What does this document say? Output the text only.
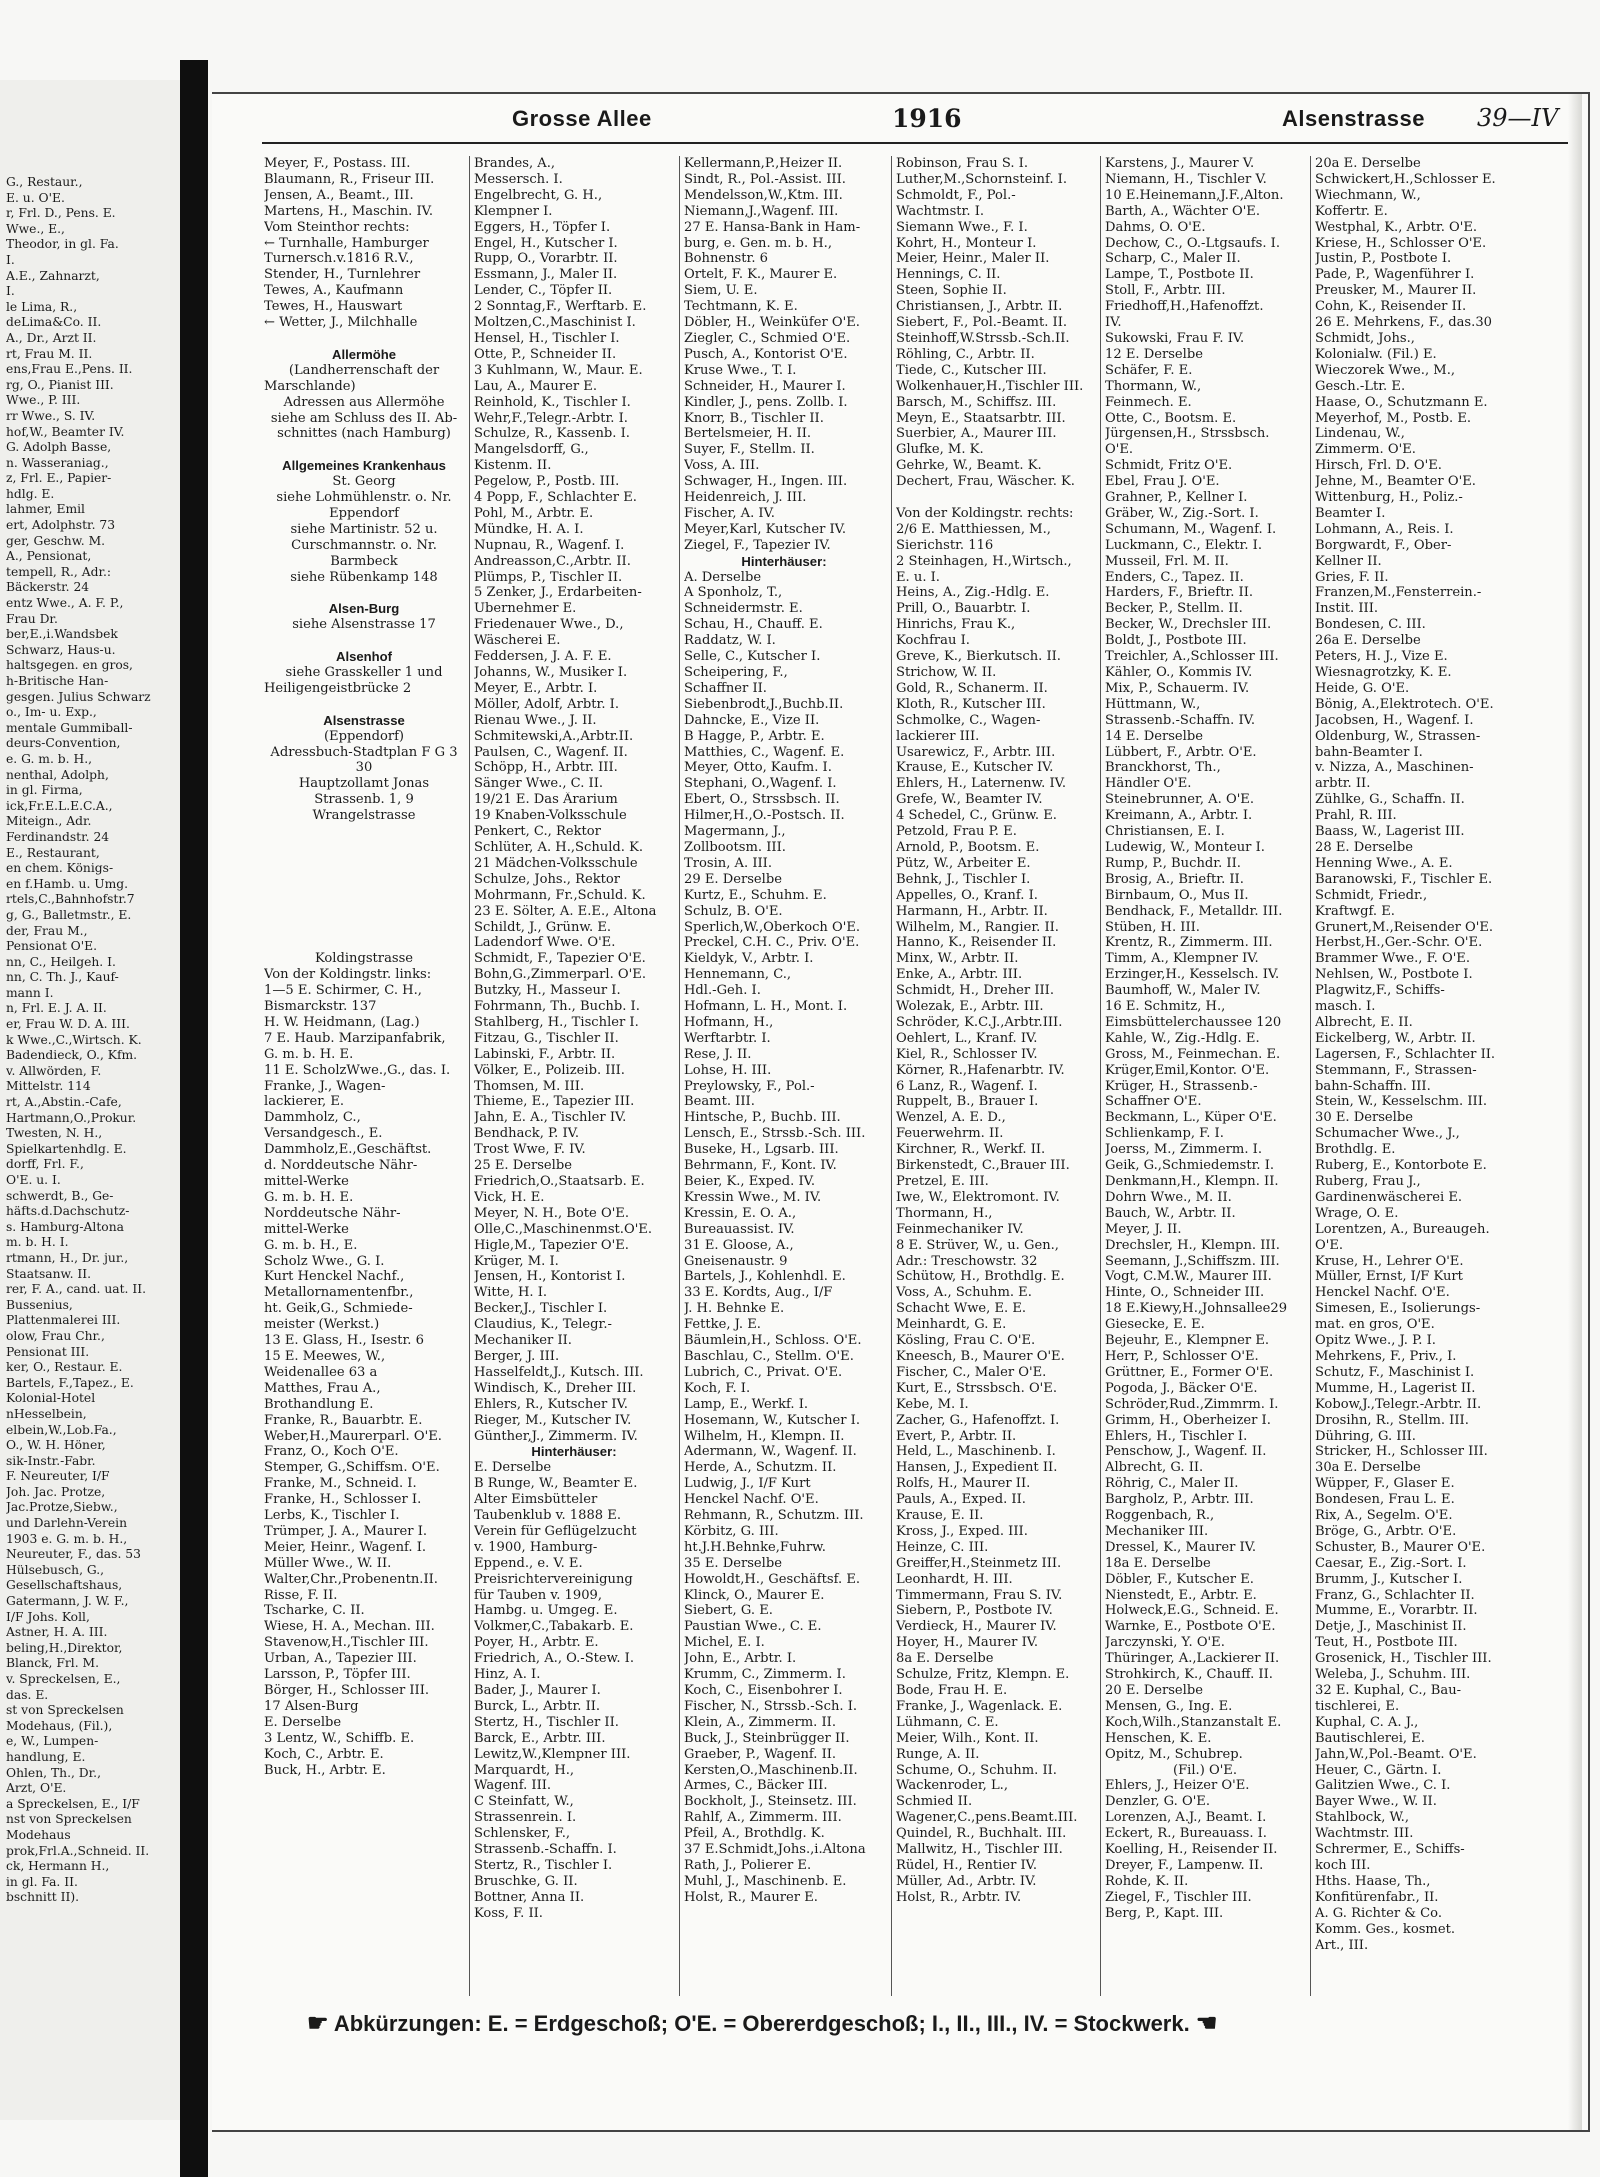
G., Restaur.,
E. u. O'E.
r, Frl. D., Pens. E.
Wwe., E.,
Theodor, in gl. Fa.
I.
A.E., Zahnarzt,
I.
le Lima, R.,
deLima&Co. II.
A., Dr., Arzt II.
rt, Frau M. II.
ens,Frau E.,Pens. II.
rg, O., Pianist III.
Wwe., P. III.
rr Wwe., S. IV.
hof,W., Beamter IV.
G. Adolph Basse,
n. Wasseraniag.,
z, Frl. E., Papier-
hdlg. E.
lahmer, Emil
ert, Adolphstr. 73
ger, Geschw. M.
A., Pensionat,
tempell, R., Adr.:
Bäckerstr. 24
entz Wwe., A. F. P.,
Frau Dr.
ber,E.,i.Wandsbek
Schwarz, Haus-u.
haltsgegen. en gros,
h-Britische Han-
gesgen. Julius Schwarz
o., Im- u. Exp.,
mentale Gummiball-
deurs-Convention,
e. G. m. b. H.,
nenthal, Adolph,
in gl. Firma,
ick,Fr.E.L.E.C.A.,
Miteign., Adr.
Ferdinandstr. 24
E., Restaurant,
en chem. Königs-
en f.Hamb. u. Umg.
rtels,C.,Bahnhofstr.7
g, G., Balletmstr., E.
der, Frau M.,
Pensionat O'E.
nn, C., Heilgeh. I.
nn, C. Th. J., Kauf-
mann I.
n, Frl. E. J. A. II.
er, Frau W. D. A. III.
k Wwe.,C.,Wirtsch. K.
Badendieck, O., Kfm.
v. Allwörden, F.
Mittelstr. 114
rt, A.,Abstin.-Cafe,
Hartmann,O.,Prokur.
Twesten, N. H.,
Spielkartenhdlg. E.
dorff, Frl. F.,
O'E. u. I.
schwerdt, B., Ge-
häfts.d.Dachschutz-
s. Hamburg-Altona
m. b. H. I.
rtmann, H., Dr. jur.,
Staatsanw. II.
rer, F. A., cand. uat. II.
Bussenius,
Plattenmalerei III.
olow, Frau Chr.,
Pensionat III.
ker, O., Restaur. E.
Bartels, F.,Tapez., E.
Kolonial-Hotel
nHesselbein,
elbein,W.,Lob.Fa.,
O., W. H. Höner,
sik-Instr.-Fabr.
F. Neureuter, I/F
Joh. Jac. Protze,
Jac.Protze,Siebw.,
und Darlehn-Verein
1903 e. G. m. b. H.,
Neureuter, F., das. 53
Hülsebusch, G.,
Gesellschaftshaus,
Gatermann, J. W. F.,
I/F Johs. Koll,
Astner, H. A. III.
beling,H.,Direktor,
Blanck, Frl. M.
v. Spreckelsen, E.,
das. E.
st von Spreckelsen
Modehaus, (Fil.),
e, W., Lumpen-
handlung, E.
Ohlen, Th., Dr.,
Arzt, O'E.
a Spreckelsen, E., I/F
nst von Spreckelsen
Modehaus
prok,Frl.A.,Schneid. II.
ck, Hermann H.,
in gl. Fa. II.
bschnitt II).
Grosse Allee	1916	Alsenstrasse 39—IV
Meyer, F., Postass. III.
Blaumann, R., Friseur III.
Jensen, A., Beamt., III.
Martens, H., Maschin. IV.
Vom Steinthor rechts:
← Turnhalle, Hamburger
Turnersch.v.1816 R.V.,
Stender, H., Turnlehrer
Tewes, A., Kaufmann
Tewes, H., Hauswart
← Wetter, J., Milchhalle

Allermöhe
(Landherrenschaft der
Marschlande)
Adressen aus Allermöhe
siehe am Schluss des II. Ab-
schnittes (nach Hamburg)

Allgemeines Krankenhaus
St. Georg
siehe Lohmühlenstr. o. Nr.
Eppendorf
siehe Martinistr. 52 u.
Curschmannstr. o. Nr.
Barmbeck
siehe Rübenkamp 148

Alsen-Burg
siehe Alsenstrasse 17

Alsenhof
siehe Grasskeller 1 und
Heiligengeistbrücke 2

Alsenstrasse
(Eppendorf)
Adressbuch-Stadtplan F G 3
30
Hauptzollamt Jonas
Strassenb. 1, 9
Wrangelstrasse

Koldingstrasse
Von der Koldingstr. links:
1—5 E. Schirmer, C. H.,
Bismarckstr. 137
H. W. Heidmann, (Lag.)
7 E. Haub. Marzipanfabrik,
G. m. b. H. E.
11 E. ScholzWwe.,G., das. I.
Franke, J., Wagen-
lackierer, E.
Dammholz, C.,
Versandgesch., E.
Dammholz,E.,Geschäftst.
d. Norddeutsche Nähr-
mittel-Werke
G. m. b. H. E.
Norddeutsche Nähr-
mittel-Werke
G. m. b. H., E.
Scholz Wwe., G. I.
Kurt Henckel Nachf.,
Metallornamentenfbr.,
ht. Geik,G., Schmiede-
meister (Werkst.)
13 E. Glass, H., Isestr. 6
15 E. Meewes, W.,
Weidenallee 63 a
Matthes, Frau A.,
Brothandlung E.
Franke, R., Bauarbtr. E.
Weber,H.,Maurerparl. O'E.
Franz, O., Koch O'E.
Stemper, G.,Schiffsm. O'E.
Franke, M., Schneid. I.
Franke, H., Schlosser I.
Lerbs, K., Tischler I.
Trümper, J. A., Maurer I.
Meier, Heinr., Wagenf. I.
Müller Wwe., W. II.
Walter,Chr.,Probenentn.II.
Risse, F. II.
Tscharke, C. II.
Wiese, H. A., Mechan. III.
Stavenow,H.,Tischler III.
Urban, A., Tapezier III.
Larsson, P., Töpfer III.
Börger, H., Schlosser III.
17 Alsen-Burg
E. Derselbe
3 Lentz, W., Schiffb. E.
Koch, C., Arbtr. E.
Buck, H., Arbtr. E.
Brandes, A.,
Messersch. I.
Engelbrecht, G. H.,
Klempner I.
Eggers, H., Töpfer I.
Engel, H., Kutscher I.
Rupp, O., Vorarbtr. II.
Essmann, J., Maler II.
Lender, C., Töpfer II.
2 Sonntag,F., Werftarb. E.
Moltzen,C.,Maschinist I.
Hensel, H., Tischler I.
Otte, P., Schneider II.
3 Kuhlmann, W., Maur. E.
Lau, A., Maurer E.
Reinhold, K., Tischler I.
Wehr,F.,Telegr.-Arbtr. I.
Schulze, R., Kassenb. I.
Mangelsdorff, G.,
Kistenm. II.
Pegelow, P., Postb. III.
4 Popp, F., Schlachter E.
Pohl, M., Arbtr. E.
Mündke, H. A. I.
Nupnau, R., Wagenf. I.
Andreasson,C.,Arbtr. II.
Plümps, P., Tischler II.
5 Zenker, J., Erdarbeiten-
Übernehmer E.
Friedenauer Wwe., D.,
Wäscherei E.
Feddersen, J. A. F. E.
Johanns, W., Musiker I.
Meyer, E., Arbtr. I.
Möller, Adolf, Arbtr. I.
Rienau Wwe., J. II.
Schmitewski,A.,Arbtr.II.
Paulsen, C., Wagenf. II.
Schöpp, H., Arbtr. III.
Sänger Wwe., C. II.
19/21 E. Das Ärarium
19 Knaben-Volksschule
Penkert, C., Rektor
Schlüter, A. H.,Schuld. K.
21 Mädchen-Volksschule
Schulze, Johs., Rektor
Mohrmann, Fr.,Schuld. K.
23 E. Sölter, A. E.E., Altona
Schildt, J., Grünw. E.
Ladendorf Wwe. O'E.
Schmidt, F., Tapezier O'E.
Bohn,G.,Zimmerparl. O'E.
Butzky, H., Masseur I.
Fohrmann, Th., Buchb. I.
Stahlberg, H., Tischler I.
Fitzau, G., Tischler II.
Labinski, F., Arbtr. II.
Völker, E., Polizeib. III.
Thomsen, M. III.
Thieme, E., Tapezier III.
Jahn, E. A., Tischler IV.
Bendhack, P. IV.
Trost Wwe, F. IV.
25 E. Derselbe
Friedrich,O.,Staatsarb. E.
Vick, H. E.
Meyer, N. H., Bote O'E.
Olle,C.,Maschinenmst.O'E.
Higle,M., Tapezier O'E.
Krüger, M. I.
Jensen, H., Kontorist I.
Witte, H. I.
Becker,J., Tischler I.
Claudius, K., Telegr.-
Mechaniker II.
Berger, J. III.
Hasselfeldt,J., Kutsch. III.
Windisch, K., Dreher III.
Ehlers, R., Kutscher IV.
Rieger, M., Kutscher IV.
Günther,J., Zimmerm. IV.
Hinterhäuser:
E. Derselbe
B Runge, W., Beamter E.
Alter Eimsbütteler
Taubenklub v. 1888 E.
Verein für Geflügelzucht
v. 1900, Hamburg-
Eppend., e. V. E.
Preisrichtervereinigung
für Tauben v. 1909,
Hambg. u. Umgeg. E.
Volkmer,C.,Tabakarb. E.
Poyer, H., Arbtr. E.
Friedrich, A., O.-Stew. I.
Hinz, A. I.
Bader, J., Maurer I.
Burck, L., Arbtr. II.
Stertz, H., Tischler II.
Barck, E., Arbtr. III.
Lewitz,W.,Klempner III.
Marquardt, H.,
Wagenf. III.
C Steinfatt, W.,
Strassenrein. I.
Schlensker, F.,
Strassenb.-Schaffn. I.
Stertz, R., Tischler I.
Bruschke, G. II.
Bottner, Anna II.
Koss, F. II.
Kellermann,P.,Heizer II.
Sindt, R., Pol.-Assist. III.
Mendelsson,W.,Ktm. III.
Niemann,J.,Wagenf. III.
27 E. Hansa-Bank in Ham-
burg, e. Gen. m. b. H.,
Bohnenstr. 6
Ortelt, F. K., Maurer E.
Siem, U. E.
Techtmann, K. E.
Döbler, H., Weinküfer O'E.
Ziegler, C., Schmied O'E.
Pusch, A., Kontorist O'E.
Kruse Wwe., T. I.
Schneider, H., Maurer I.
Kindler, J., pens. Zollb. I.
Knorr, B., Tischler II.
Bertelsmeier, H. II.
Suyer, F., Stellm. II.
Voss, A. III.
Schwager, H., Ingen. III.
Heidenreich, J. III.
Fischer, A. IV.
Meyer,Karl, Kutscher IV.
Ziegel, F., Tapezier IV.
Hinterhäuser:
A. Derselbe
A Sponholz, T.,
Schneidermstr. E.
Schau, H., Chauff. E.
Raddatz, W. I.
Selle, C., Kutscher I.
Scheipering, F.,
Schaffner II.
Siebenbrodt,J.,Buchb.II.
Dahncke, E., Vize II.
B Hagge, P., Arbtr. E.
Matthies, C., Wagenf. E.
Meyer, Otto, Kaufm. I.
Stephani, O.,Wagenf. I.
Ebert, O., Strssbsch. II.
Hilmer,H.,O.-Postsch. II.
Magermann, J.,
Zollbootsm. III.
Trosin, A. III.
29 E. Derselbe
Kurtz, E., Schuhm. E.
Schulz, B. O'E.
Sperlich,W.,Oberkoch O'E.
Preckel, C.H. C., Priv. O'E.
Kieldyk, V., Arbtr. I.
Hennemann, C.,
Hdl.-Geh. I.
Hofmann, L. H., Mont. I.
Hofmann, H.,
Werftarbtr. I.
Rese, J. II.
Lohse, H. III.
Preylowsky, F., Pol.-
Beamt. III.
Hintsche, P., Buchb. III.
Lensch, E., Strssb.-Sch. III.
Buseke, H., Lgsarb. III.
Behrmann, F., Kont. IV.
Beier, K., Exped. IV.
Kressin Wwe., M. IV.
Kressin, E. O. A.,
Bureauassist. IV.
31 E. Gloose, A.,
Gneisenaustr. 9
Bartels, J., Kohlenhdl. E.
33 E. Kordts, Aug., I/F
J. H. Behnke E.
Fettke, J. E.
Bäumlein,H., Schloss. O'E.
Baschlau, C., Stellm. O'E.
Lubrich, C., Privat. O'E.
Koch, F. I.
Lamp, E., Werkf. I.
Hosemann, W., Kutscher I.
Wilhelm, H., Klempn. II.
Adermann, W., Wagenf. II.
Herde, A., Schutzm. II.
Ludwig, J., I/F Kurt
Henckel Nachf. O'E.
Rehmann, R., Schutzm. III.
Körbitz, G. III.
ht.J.H.Behnke,Fuhrw.
35 E. Derselbe
Howoldt,H., Geschäftsf. E.
Klinck, O., Maurer E.
Siebert, G. E.
Paustian Wwe., C. E.
Michel, E. I.
John, E., Arbtr. I.
Krumm, C., Zimmerm. I.
Koch, C., Eisenbohrer I.
Fischer, N., Strssb.-Sch. I.
Klein, A., Zimmerm. II.
Buck, J., Steinbrügger II.
Graeber, P., Wagenf. II.
Kersten,O.,Maschinenb.II.
Armes, C., Bäcker III.
Bockholt, J., Steinsetz. III.
Rahlf, A., Zimmerm. III.
Pfeil, A., Brothdlg. K.
37 E.Schmidt,Johs.,i.Altona
Rath, J., Polierer E.
Muhl, J., Maschinenb. E.
Holst, R., Maurer E.
Robinson, Frau S. I.
Luther,M.,Schornsteinf. I.
Schmoldt, F., Pol.-
Wachtmstr. I.
Siemann Wwe., F. I.
Kohrt, H., Monteur I.
Meier, Heinr., Maler II.
Hennings, C. II.
Steen, Sophie II.
Christiansen, J., Arbtr. II.
Siebert, F., Pol.-Beamt. II.
Steinhoff,W.Strssb.-Sch.II.
Röhling, C., Arbtr. II.
Tiede, C., Kutscher III.
Wolkenhauer,H.,Tischler III.
Barsch, M., Schiffsz. III.
Meyn, E., Staatsarbtr. III.
Suerbier, A., Maurer III.
Glufke, M. K.
Gehrke, W., Beamt. K.
Dechert, Frau, Wäscher. K.

Von der Koldingstr. rechts:
2/6 E. Matthiessen, M.,
Sierichstr. 116
2 Steinhagen, H.,Wirtsch.,
E. u. I.
Heins, A., Zig.-Hdlg. E.
Prill, O., Bauarbtr. I.
Hinrichs, Frau K.,
Kochfrau I.
Greve, K., Bierkutsch. II.
Strichow, W. II.
Gold, R., Schanerm. II.
Kloth, R., Kutscher III.
Schmolke, C., Wagen-
lackierer III.
Usarewicz, F., Arbtr. III.
Krause, E., Kutscher IV.
Ehlers, H., Laternenw. IV.
Grefe, W., Beamter IV.
4 Schedel, C., Grünw. E.
Petzold, Frau P. E.
Arnold, P., Bootsm. E.
Pütz, W., Arbeiter E.
Behnk, J., Tischler I.
Appelles, O., Kranf. I.
Harmann, H., Arbtr. II.
Wilhelm, M., Rangier. II.
Hanno, K., Reisender II.
Minx, W., Arbtr. II.
Enke, A., Arbtr. III.
Schmidt, H., Dreher III.
Wolezak, E., Arbtr. III.
Schröder, K.C.J.,Arbtr.III.
Oehlert, L., Kranf. IV.
Kiel, R., Schlosser IV.
Körner, R.,Hafenarbtr. IV.
6 Lanz, R., Wagenf. I.
Ruppelt, B., Brauer I.
Wenzel, A. E. D.,
Feuerwehrm. II.
Kirchner, R., Werkf. II.
Birkenstedt, C.,Brauer III.
Pretzel, E. III.
Iwe, W., Elektromont. IV.
Thormann, H.,
Feinmechaniker IV.
8 E. Strüver, W., u. Gen.,
Adr.: Treschowstr. 32
Schütow, H., Brothdlg. E.
Voss, A., Schuhm. E.
Schacht Wwe, E. E.
Meinhardt, G. E.
Kösling, Frau C. O'E.
Kneesch, B., Maurer O'E.
Fischer, C., Maler O'E.
Kurt, E., Strssbsch. O'E.
Kebe, M. I.
Zacher, G., Hafenoffzt. I.
Evert, P., Arbtr. II.
Held, L., Maschinenb. I.
Hansen, J., Expedient II.
Rolfs, H., Maurer II.
Pauls, A., Exped. II.
Krause, E. II.
Kross, J., Exped. III.
Heinze, C. III.
Greiffer,H.,Steinmetz III.
Leonhardt, H. III.
Timmermann, Frau S. IV.
Siebern, P., Postbote IV.
Verdieck, H., Maurer IV.
Hoyer, H., Maurer IV.
8a E. Derselbe
Schulze, Fritz, Klempn. E.
Bode, Frau H. E.
Franke, J., Wagenlack. E.
Lühmann, C. E.
Meier, Wilh., Kont. II.
Runge, A. II.
Schume, O., Schuhm. II.
Wackenroder, L.,
Schmied II.
Wagener,C.,pens.Beamt.III.
Quindel, R., Buchhalt. III.
Mallwitz, H., Tischler III.
Rüdel, H., Rentier IV.
Müller, Ad., Arbtr. IV.
Holst, R., Arbtr. IV.
Karstens, J., Maurer V.
Niemann, H., Tischler V.
10 E.Heinemann,J.F.,Alton.
Barth, A., Wächter O'E.
Dahms, O. O'E.
Dechow, C., O.-Ltgsaufs. I.
Scharp, C., Maler II.
Lampe, T., Postbote II.
Stoll, F., Arbtr. III.
Friedhoff,H.,Hafenoffzt.
IV.
Sukowski, Frau F. IV.
12 E. Derselbe
Schäfer, F. E.
Thormann, W.,
Feinmech. E.
Otte, C., Bootsm. E.
Jürgensen,H., Strssbsch.
O'E.
Schmidt, Fritz O'E.
Ebel, Frau J. O'E.
Grahner, P., Kellner I.
Gräber, W., Zig.-Sort. I.
Schumann, M., Wagenf. I.
Luckmann, C., Elektr. I.
Musseil, Frl. M. II.
Enders, C., Tapez. II.
Harders, F., Brieftr. II.
Becker, P., Stellm. II.
Becker, W., Drechsler III.
Boldt, J., Postbote III.
Treichler, A.,Schlosser III.
Kähler, O., Kommis IV.
Mix, P., Schauerm. IV.
Hüttmann, W.,
Strassenb.-Schaffn. IV.
14 E. Derselbe
Lübbert, F., Arbtr. O'E.
Branckhorst, Th.,
Händler O'E.
Steinebrunner, A. O'E.
Kreimann, A., Arbtr. I.
Christiansen, E. I.
Ludewig, W., Monteur I.
Rump, P., Buchdr. II.
Brosig, A., Brieftr. II.
Birnbaum, O., Mus II.
Bendhack, F., Metalldr. III.
Stüben, H. III.
Krentz, R., Zimmerm. III.
Timm, A., Klempner IV.
Erzinger,H., Kesselsch. IV.
Baumhoff, W., Maler IV.
16 E. Schmitz, H.,
Eimsbüttelerchaussee 120
Kahle, W., Zig.-Hdlg. E.
Gross, M., Feinmechan. E.
Krüger,Emil,Kontor. O'E.
Krüger, H., Strassenb.-
Schaffner O'E.
Beckmann, L., Küper O'E.
Schlienkamp, F. I.
Joerss, M., Zimmerm. I.
Geik, G.,Schmiedemstr. I.
Denkmann,H., Klempn. II.
Dohrn Wwe., M. II.
Bauch, W., Arbtr. II.
Meyer, J. II.
Drechsler, H., Klempn. III.
Seemann, J.,Schiffszm. III.
Vogt, C.M.W., Maurer III.
Hinte, O., Schneider III.
18 E.Kiewy,H.,Johnsallee29
Giesecke, E. E.
Bejeuhr, E., Klempner E.
Herr, P., Schlosser O'E.
Grüttner, E., Former O'E.
Pogoda, J., Bäcker O'E.
Schröder,Rud.,Zimmrm. I.
Grimm, H., Oberheizer I.
Ehlers, H., Tischler I.
Penschow, J., Wagenf. II.
Albrecht, G. II.
Röhrig, C., Maler II.
Bargholz, P., Arbtr. III.
Roggenbach, R.,
Mechaniker III.
Dressel, K., Maurer IV.
18a E. Derselbe
Döbler, F., Kutscher E.
Nienstedt, E., Arbtr. E.
Holweck,E.G., Schneid. E.
Warnke, E., Postbote O'E.
Jarczynski, Y. O'E.
Thüringer, A.,Lackierer II.
Strohkirch, K., Chauff. II.
20 E. Derselbe
Mensen, G., Ing. E.
Koch,Wilh.,Stanzanstalt E.
Henschen, K. E.
Opitz, M., Schubrep.
(Fil.) O'E.
Ehlers, J., Heizer O'E.
Denzler, G. O'E.
Lorenzen, A.J., Beamt. I.
Eckert, R., Bureauass. I.
Koelling, H., Reisender II.
Dreyer, F., Lampenw. II.
Rohde, K. II.
Ziegel, F., Tischler III.
Berg, P., Kapt. III.
20a E. Derselbe
Schwickert,H.,Schlosser E.
Wiechmann, W.,
Koffertr. E.
Westphal, K., Arbtr. O'E.
Kriese, H., Schlosser O'E.
Justin, P., Postbote I.
Pade, P., Wagenführer I.
Preusker, M., Maurer II.
Cohn, K., Reisender II.
26 E. Mehrkens, F., das.30
Schmidt, Johs.,
Kolonialw. (Fil.) E.
Wieczorek Wwe., M.,
Gesch.-Ltr. E.
Haase, O., Schutzmann E.
Meyerhof, M., Postb. E.
Lindenau, W.,
Zimmerm. O'E.
Hirsch, Frl. D. O'E.
Jehne, M., Beamter O'E.
Wittenburg, H., Poliz.-
Beamter I.
Lohmann, A., Reis. I.
Borgwardt, F., Ober-
Kellner II.
Gries, F. II.
Franzen,M.,Fensterrein.-
Instit. III.
Bondesen, C. III.
26a E. Derselbe
Peters, H. J., Vize E.
Wiesnagrotzky, K. E.
Heide, G. O'E.
Bönig, A.,Elektrotech. O'E.
Jacobsen, H., Wagenf. I.
Oldenburg, W., Strassen-
bahn-Beamter I.
v. Nizza, A., Maschinen-
arbtr. II.
Zühlke, G., Schaffn. II.
Prahl, R. III.
Baass, W., Lagerist III.
28 E. Derselbe
Henning Wwe., A. E.
Baranowski, F., Tischler E.
Schmidt, Friedr.,
Kraftwgf. E.
Grunert,M.,Reisender O'E.
Herbst,H.,Ger.-Schr. O'E.
Brammer Wwe., F. O'E.
Nehlsen, W., Postbote I.
Plagwitz,F., Schiffs-
masch. I.
Albrecht, E. II.
Eickelberg, W., Arbtr. II.
Lagersen, F., Schlachter II.
Stemmann, F., Strassen-
bahn-Schaffn. III.
Stein, W., Kesselschm. III.
30 E. Derselbe
Schumacher Wwe., J.,
Brothdlg. E.
Ruberg, E., Kontorbote E.
Ruberg, Frau J.,
Gardinenwäscherei E.
Wrage, O. E.
Lorentzen, A., Bureaugeh.
O'E.
Kruse, H., Lehrer O'E.
Müller, Ernst, I/F Kurt
Henckel Nachf. O'E.
Simesen, E., Isolierungs-
mat. en gros, O'E.
Opitz Wwe., J. P. I.
Mehrkens, F., Priv., I.
Schutz, F., Maschinist I.
Mumme, H., Lagerist II.
Kobow,J.,Telegr.-Arbtr. II.
Drosihn, R., Stellm. III.
Dühring, G. III.
Stricker, H., Schlosser III.
30a E. Derselbe
Wüpper, F., Glaser E.
Bondesen, Frau L. E.
Rix, A., Segelm. O'E.
Bröge, G., Arbtr. O'E.
Schuster, B., Maurer O'E.
Caesar, E., Zig.-Sort. I.
Brumm, J., Kutscher I.
Franz, G., Schlachter II.
Mumme, E., Vorarbtr. II.
Detje, J., Maschinist II.
Teut, H., Postbote III.
Grosenick, H., Tischler III.
Weleba, J., Schuhm. III.
32 E. Kuphal, C., Bau-
tischlerei, E.
Kuphal, C. A. J.,
Bautischlerei, E.
Jahn,W.,Pol.-Beamt. O'E.
Heuer, C., Gärtn. I.
Galitzien Wwe., C. I.
Bayer Wwe., W. II.
Stahlbock, W.,
Wachtmstr. III.
Schrermer, E., Schiffs-
koch III.
Hths. Haase, Th.,
Konfitürenfabr., II.
A. G. Richter & Co.
Komm. Ges., kosmet.
Art., III.
☛ Abkürzungen: E. = Erdgeschoß; O'E. = Obererdgeschoß; I., II., III., IV. = Stockwerk. ☚
